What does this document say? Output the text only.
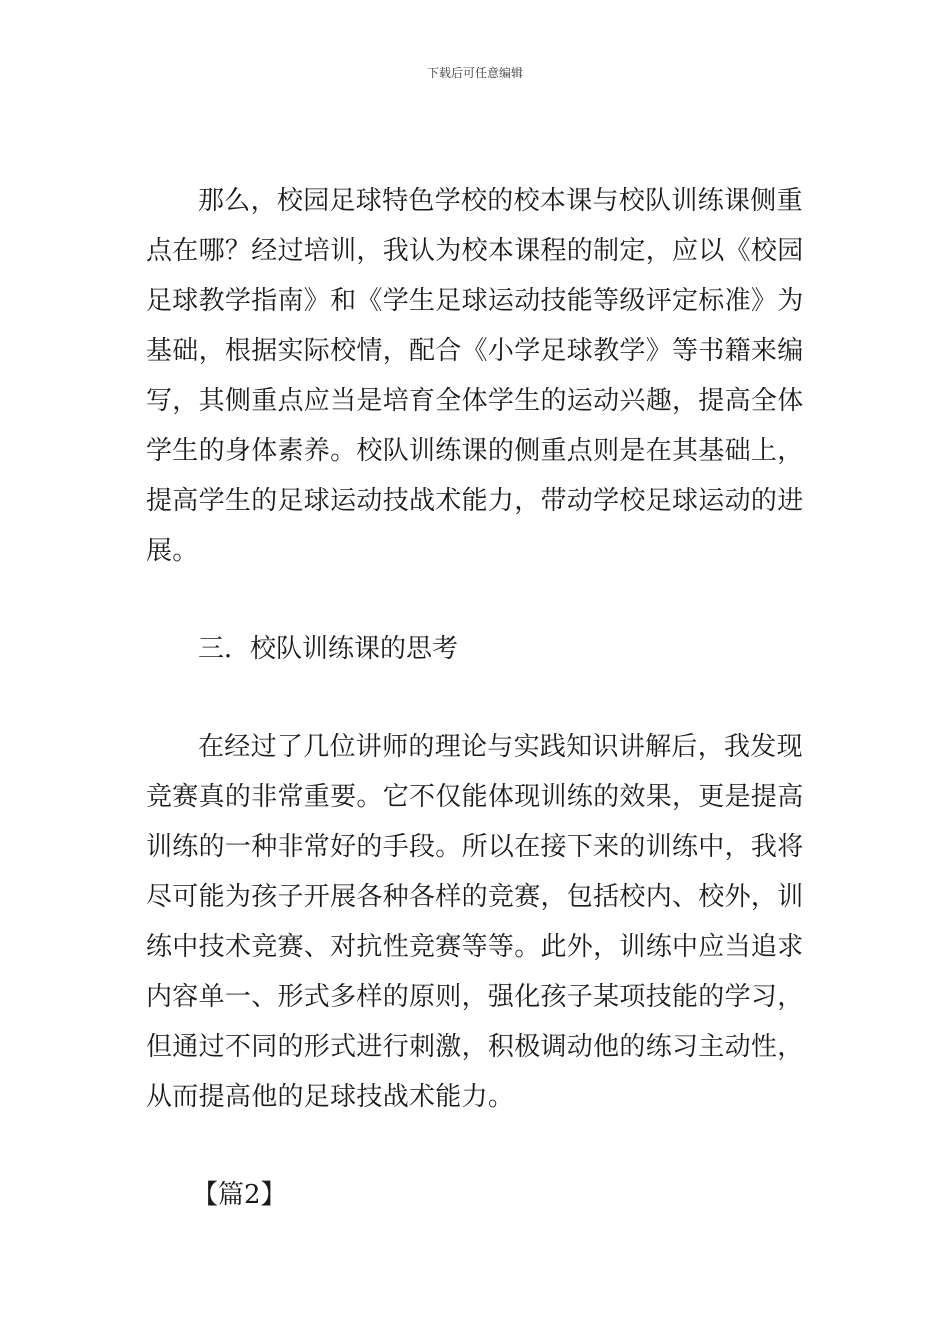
下载后可任意编辑

那么，校园足球特色学校的校本课与校队训练课侧重点在哪？经过培训，我认为校本课程的制定，应以《校园足球教学指南》和《学生足球运动技能等级评定标准》为基础，根据实际校情，配合《小学足球教学》等书籍来编写，其侧重点应当是培育全体学生的运动兴趣，提高全体学生的身体素养。校队训练课的侧重点则是在其基础上，提高学生的足球运动技战术能力，带动学校足球运动的进展。

三．校队训练课的思考

在经过了几位讲师的理论与实践知识讲解后，我发现竞赛真的非常重要。它不仅能体现训练的效果，更是提高训练的一种非常好的手段。所以在接下来的训练中，我将尽可能为孩子开展各种各样的竞赛，包括校内、校外，训练中技术竞赛、对抗性竞赛等等。此外，训练中应当追求内容单一、形式多样的原则，强化孩子某项技能的学习，但通过不同的形式进行刺激，积极调动他的练习主动性，从而提高他的足球技战术能力。

【篇2】
